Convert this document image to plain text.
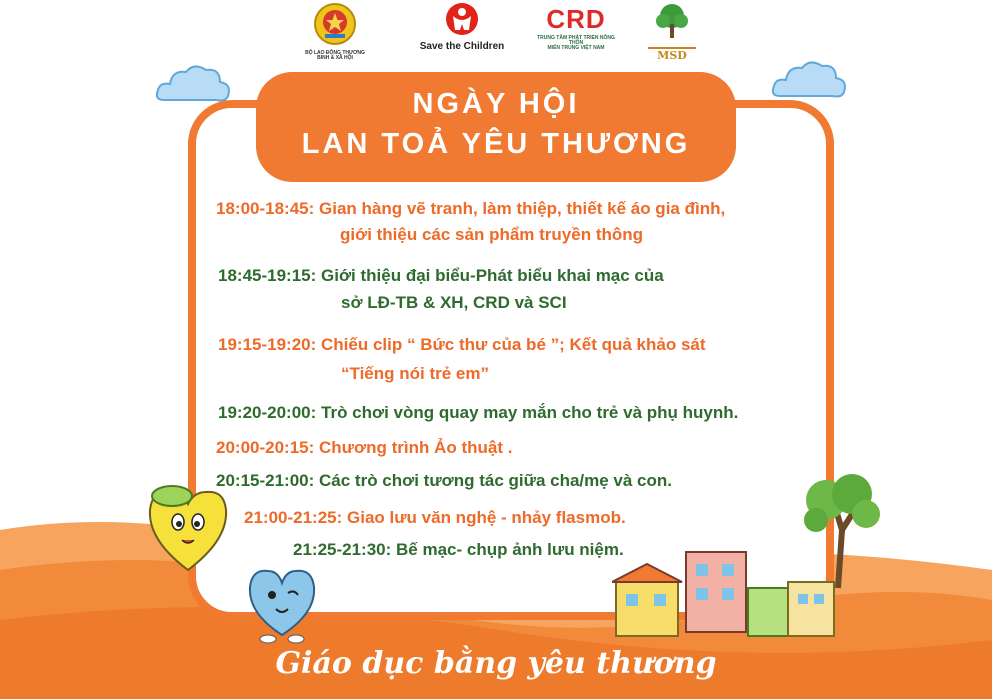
BỘ LAO ĐỘNG THƯƠNG BINH & XÃ HỘI
Save the Children
CRD
TRUNG TÂM PHÁT TRIỂN NÔNG THÔN
MIỀN TRUNG VIỆT NAM
MSD
NGÀY HỘI
LAN TOẢ YÊU THƯƠNG
18:00-18:45: Gian hàng vẽ tranh, làm thiệp, thiết kế áo gia đình,
giới thiệu các sản phẩm truyền thông
18:45-19:15: Giới thiệu đại biểu-Phát biểu khai mạc của
sở LĐ-TB & XH, CRD và SCI
19:15-19:20: Chiếu clip “ Bức thư của bé ”; Kết quả khảo sát
“Tiếng nói trẻ em”
19:20-20:00: Trò chơi vòng quay may mắn cho trẻ và phụ huynh.
20:00-20:15: Chương trình Ảo thuật .
20:15-21:00: Các trò chơi tương tác giữa cha/mẹ và con.
21:00-21:25: Giao lưu văn nghệ - nhảy flasmob.
21:25-21:30: Bế mạc- chụp ảnh lưu niệm.
Giáo dục bằng yêu thương
